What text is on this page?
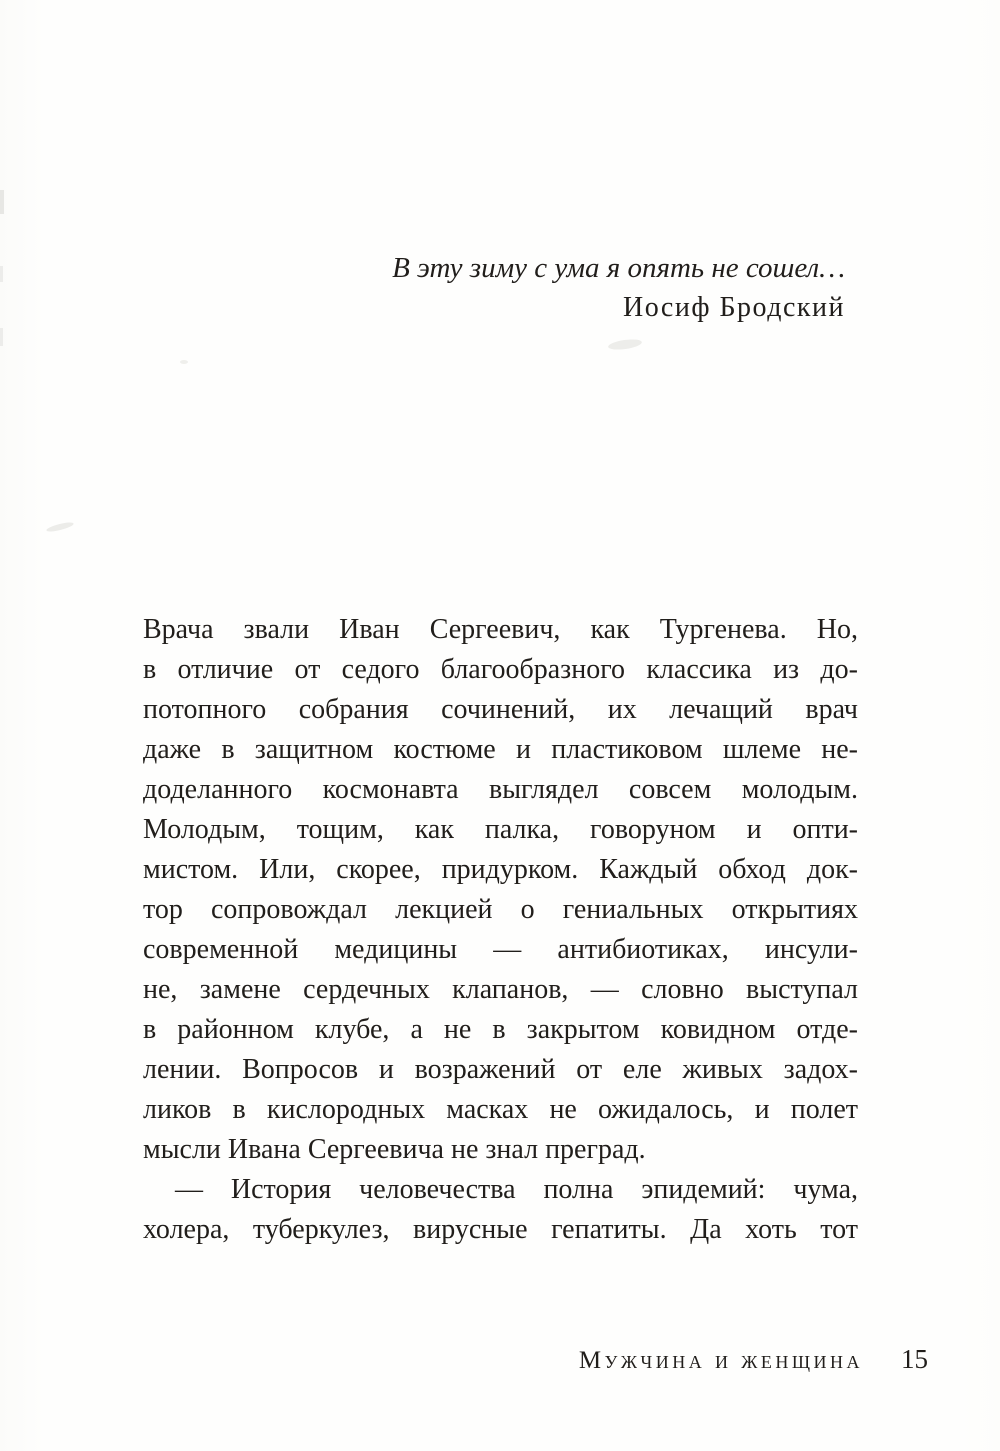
В эту зиму с ума я опять не сошел…
Иосиф Бродский
Врача звали Иван Сергеевич, как Тургенева. Но,
в отличие от седого благообразного классика из до-
потопного собрания сочинений, их лечащий врач
даже в защитном костюме и пластиковом шлеме не-
доделанного космонавта выглядел совсем молодым.
Молодым, тощим, как палка, говоруном и опти-
мистом. Или, скорее, придурком. Каждый обход док-
тор сопровождал лекцией о гениальных открытиях
современной медицины — антибиотиках, инсули-
не, замене сердечных клапанов, — словно выступал
в районном клубе, а не в закрытом ковидном отде-
лении. Вопросов и возражений от еле живых задох-
ликов в кислородных масках не ожидалось, и полет
мысли Ивана Сергеевича не знал преград.
— История человечества полна эпидемий: чума,
холера, туберкулез, вирусные гепатиты. Да хоть тот
Мужчина и женщина 15
